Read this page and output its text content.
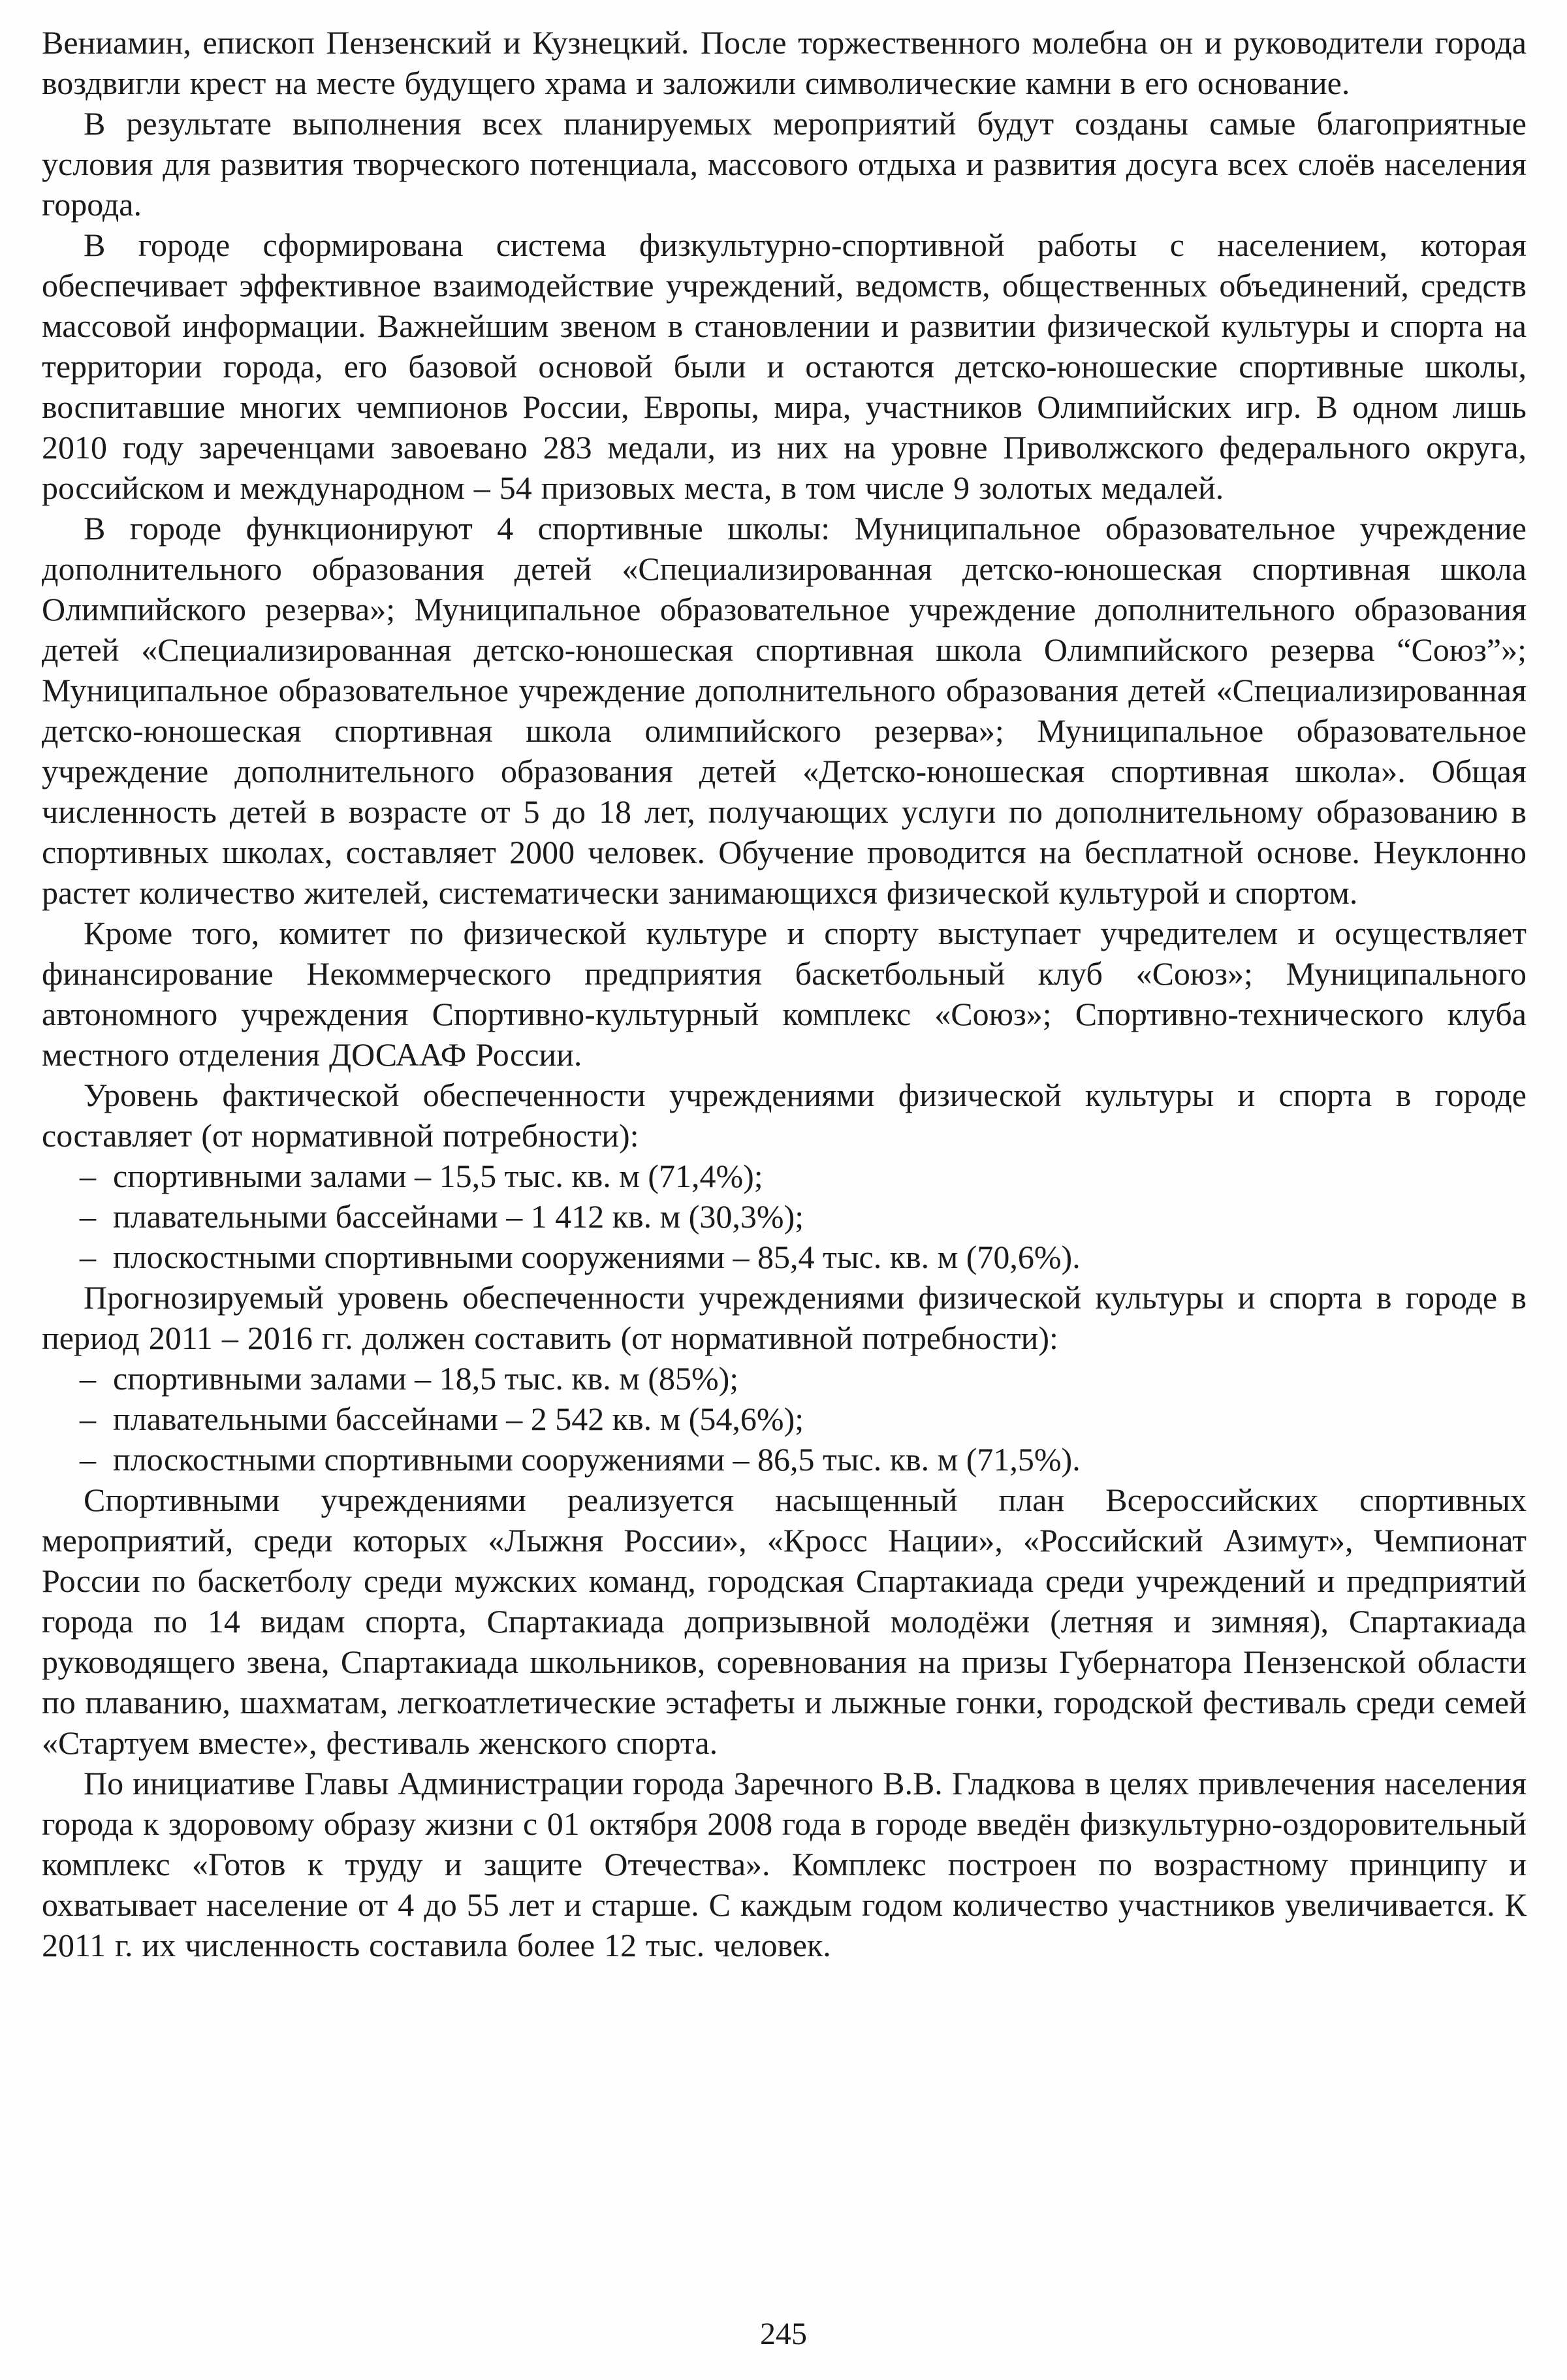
Вениамин, епископ Пензенский и Кузнецкий. После торжественного молебна он и руководители города воздвигли крест на месте будущего храма и заложили символические камни в его основание.

В результате выполнения всех планируемых мероприятий будут созданы самые благоприятные условия для развития творческого потенциала, массового отдыха и развития досуга всех слоёв населения города.

В городе сформирована система физкультурно-спортивной работы с населением, которая обеспечивает эффективное взаимодействие учреждений, ведомств, общественных объединений, средств массовой информации. Важнейшим звеном в становлении и развитии физической культуры и спорта на территории города, его базовой основой были и остаются детско-юношеские спортивные школы, воспитавшие многих чемпионов России, Европы, мира, участников Олимпийских игр. В одном лишь 2010 году зареченцами завоевано 283 медали, из них на уровне Приволжского федерального округа, российском и международном – 54 призовых места, в том числе 9 золотых медалей.

В городе функционируют 4 спортивные школы: Муниципальное образовательное учреждение дополнительного образования детей «Специализированная детско-юношеская спортивная школа Олимпийского резерва»; Муниципальное образовательное учреждение дополнительного образования детей «Специализированная детско-юношеская спортивная школа Олимпийского резерва “Союз”»; Муниципальное образовательное учреждение дополнительного образования детей «Специализированная детско-юношеская спортивная школа олимпийского резерва»; Муниципальное образовательное учреждение дополнительного образования детей «Детско-юношеская спортивная школа». Общая численность детей в возрасте от 5 до 18 лет, получающих услуги по дополнительному образованию в спортивных школах, составляет 2000 человек. Обучение проводится на бесплатной основе. Неуклонно растет количество жителей, систематически занимающихся физической культурой и спортом.

Кроме того, комитет по физической культуре и спорту выступает учредителем и осуществляет финансирование Некоммерческого предприятия баскетбольный клуб «Союз»; Муниципального автономного учреждения Спортивно-культурный комплекс «Союз»; Спортивно-технического клуба местного отделения ДОСААФ России.

Уровень фактической обеспеченности учреждениями физической культуры и спорта в городе составляет (от нормативной потребности):

– спортивными залами – 15,5 тыс. кв. м (71,4%);
– плавательными бассейнами – 1 412 кв. м (30,3%);
– плоскостными спортивными сооружениями – 85,4 тыс. кв. м (70,6%).

Прогнозируемый уровень обеспеченности учреждениями физической культуры и спорта в городе в период 2011 – 2016 гг. должен составить (от нормативной потребности):

– спортивными залами – 18,5 тыс. кв. м (85%);
– плавательными бассейнами – 2 542 кв. м (54,6%);
– плоскостными спортивными сооружениями – 86,5 тыс. кв. м (71,5%).

Спортивными учреждениями реализуется насыщенный план Всероссийских спортивных мероприятий, среди которых «Лыжня России», «Кросс Нации», «Российский Азимут», Чемпионат России по баскетболу среди мужских команд, городская Спартакиада среди учреждений и предприятий города по 14 видам спорта, Спартакиада допризывной молодёжи (летняя и зимняя), Спартакиада руководящего звена, Спартакиада школьников, соревнования на призы Губернатора Пензенской области по плаванию, шахматам, легкоатлетические эстафеты и лыжные гонки, городской фестиваль среди семей «Стартуем вместе», фестиваль женского спорта.

По инициативе Главы Администрации города Заречного В.В. Гладкова в целях привлечения населения города к здоровому образу жизни с 01 октября 2008 года в городе введён физкультурно-оздоровительный комплекс «Готов к труду и защите Отечества». Комплекс построен по возрастному принципу и охватывает население от 4 до 55 лет и старше. С каждым годом количество участников увеличивается. К 2011 г. их численность составила более 12 тыс. человек.

245
